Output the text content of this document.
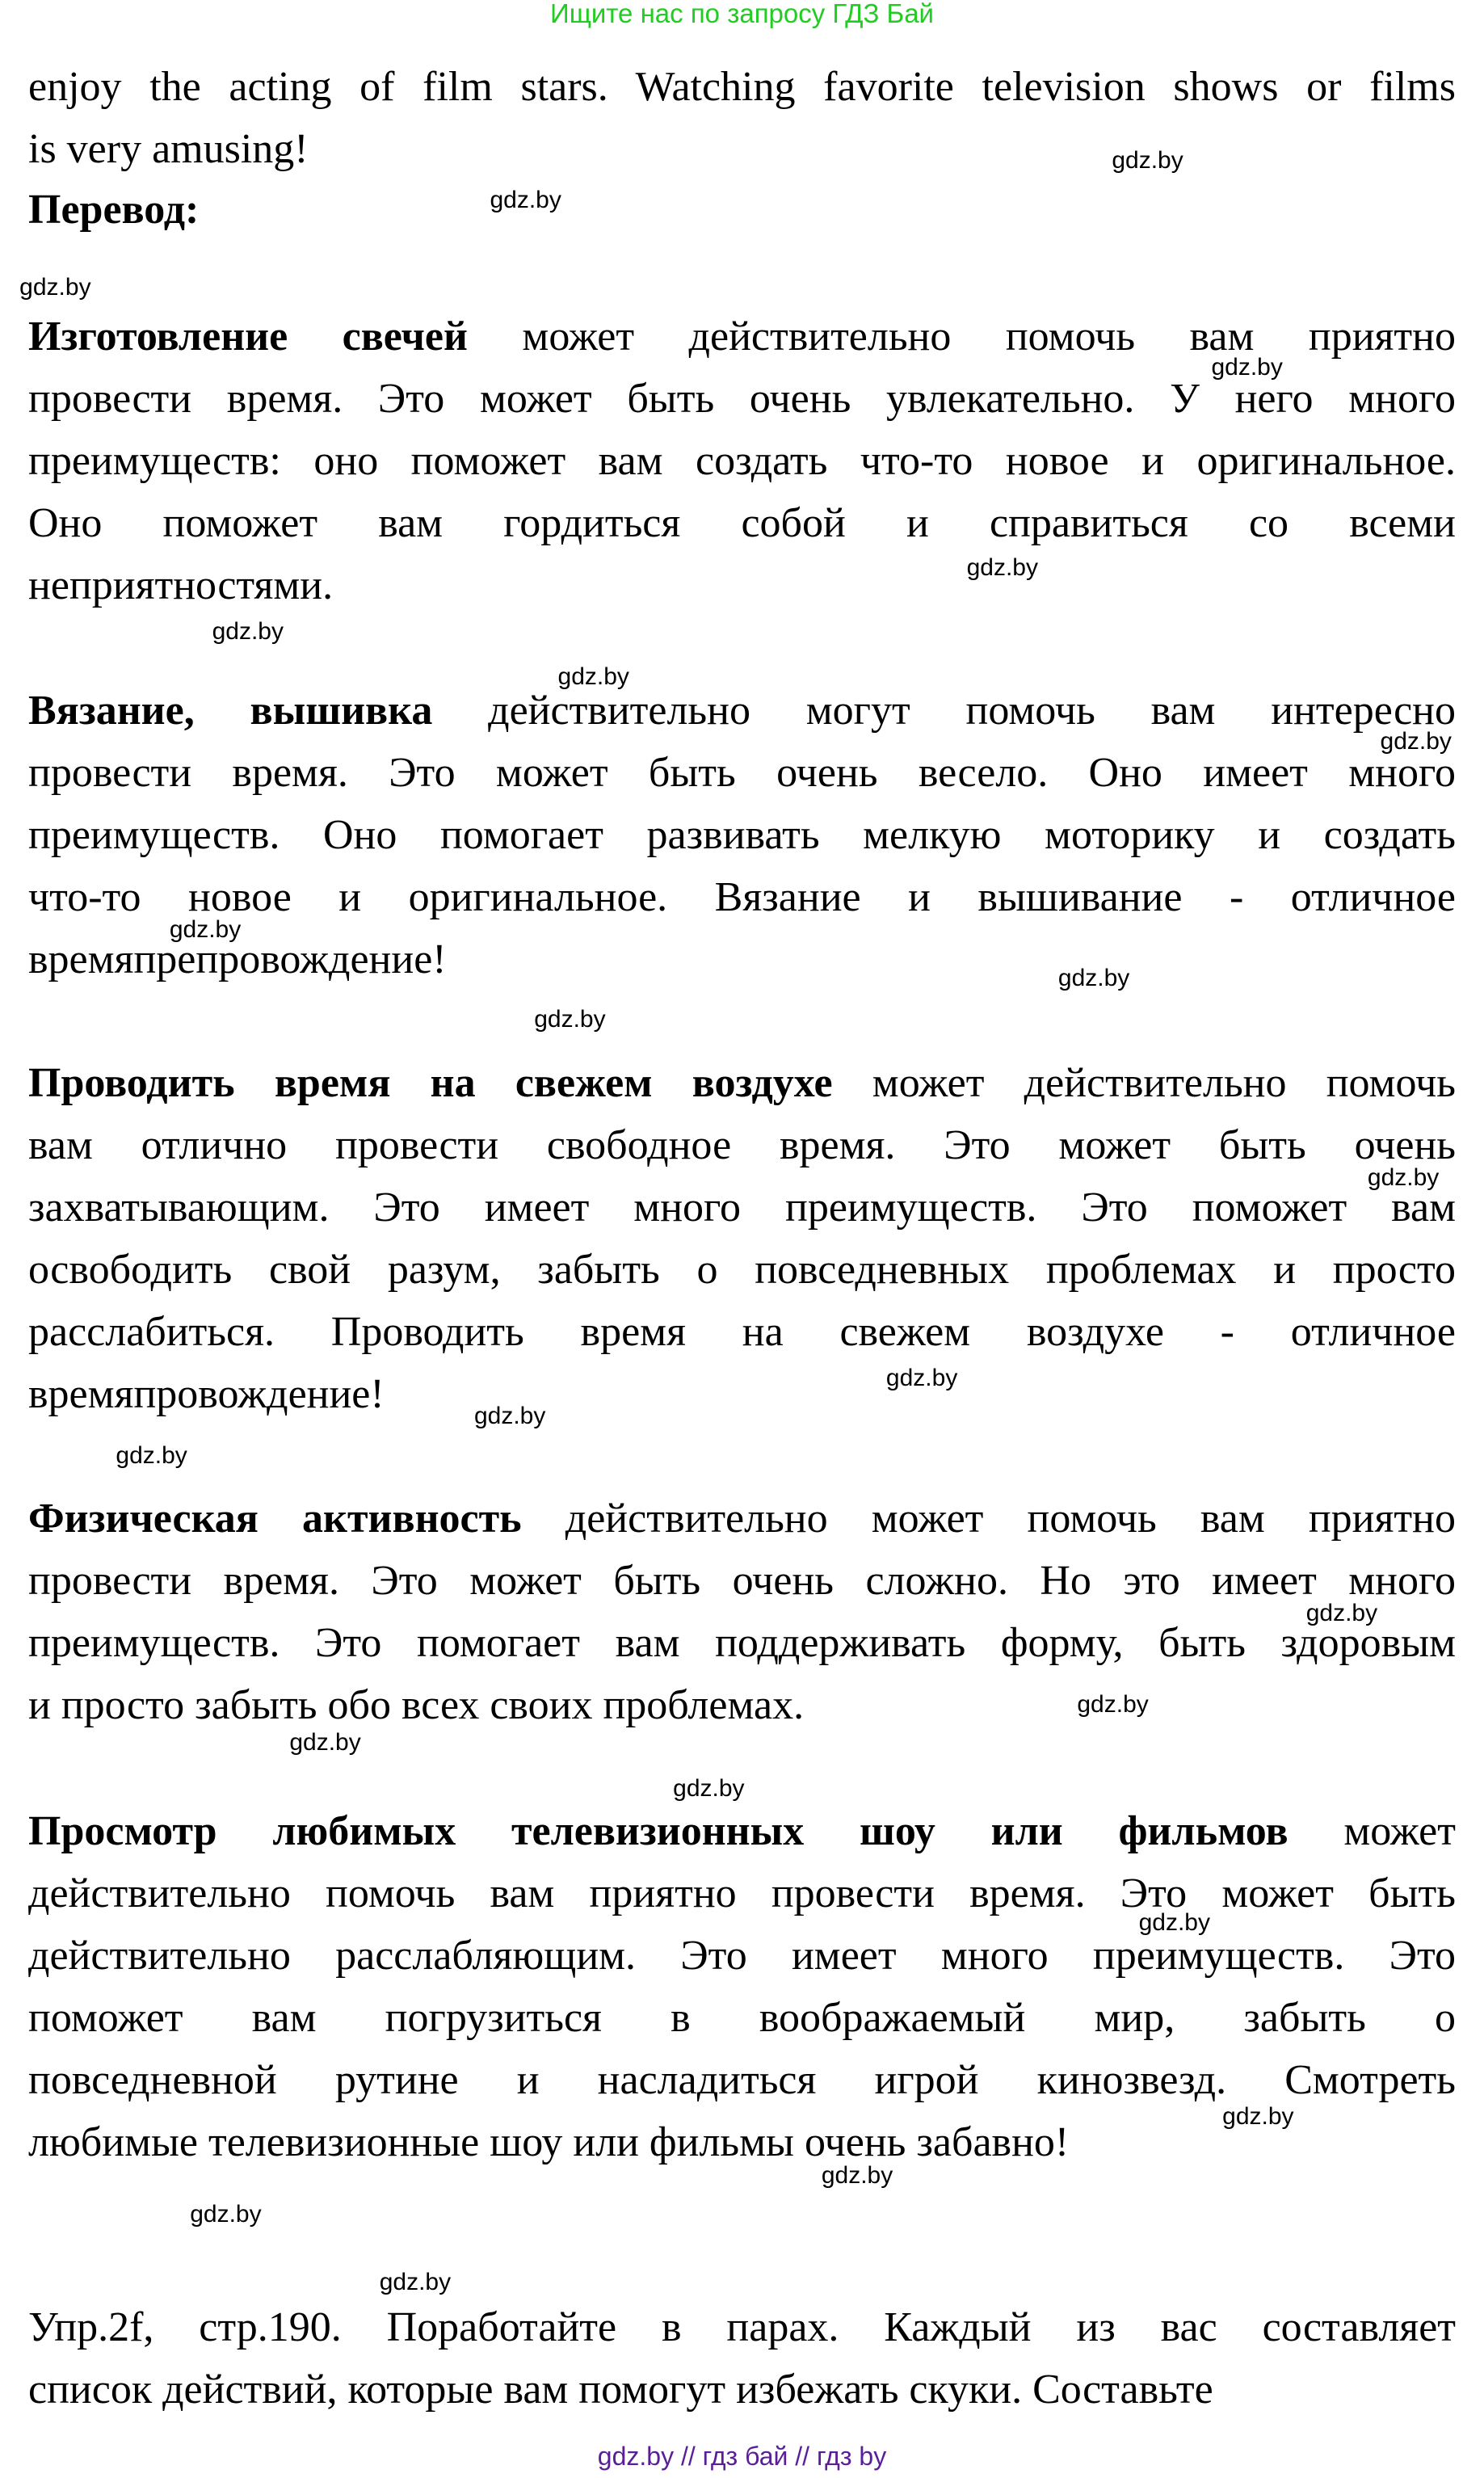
Ищите нас по запросу ГДЗ Бай
enjoy the acting of film stars. Watching favorite television shows or films
is very amusing!
Перевод:
Изготовление свечей может действительно помочь вам приятно
провести время. Это может быть очень увлекательно. У него много
преимуществ: оно поможет вам создать что-то новое и оригинальное.
Оно поможет вам гордиться собой и справиться со всеми
неприятностями.
Вязание, вышивка действительно могут помочь вам интересно
провести время. Это может быть очень весело. Оно имеет много
преимуществ. Оно помогает развивать мелкую моторику и создать
что-то новое и оригинальное. Вязание и вышивание - отличное
времяпрепровождение!
Проводить время на свежем воздухе может действительно помочь
вам отлично провести свободное время. Это может быть очень
захватывающим. Это имеет много преимуществ. Это поможет вам
освободить свой разум, забыть о повседневных проблемах и просто
расслабиться. Проводить время на свежем воздухе - отличное
времяпровождение!
Физическая активность действительно может помочь вам приятно
провести время. Это может быть очень сложно. Но это имеет много
преимуществ. Это помогает вам поддерживать форму, быть здоровым
и просто забыть обо всех своих проблемах.
Просмотр любимых телевизионных шоу или фильмов может
действительно помочь вам приятно провести время. Это может быть
действительно расслабляющим. Это имеет много преимуществ. Это
поможет вам погрузиться в воображаемый мир, забыть о
повседневной рутине и насладиться игрой кинозвезд. Смотреть
любимые телевизионные шоу или фильмы очень забавно!
Упр.2f, стр.190. Поработайте в парах. Каждый из вас составляет
список действий, которые вам помогут избежать скуки. Составьте
gdz.by
gdz.by
gdz.by
gdz.by
gdz.by
gdz.by
gdz.by
gdz.by
gdz.by
gdz.by
gdz.by
gdz.by
gdz.by
gdz.by
gdz.by
gdz.by
gdz.by
gdz.by
gdz.by
gdz.by
gdz.by
gdz.by
gdz.by
gdz.by
gdz.by // гдз бай // гдз by
